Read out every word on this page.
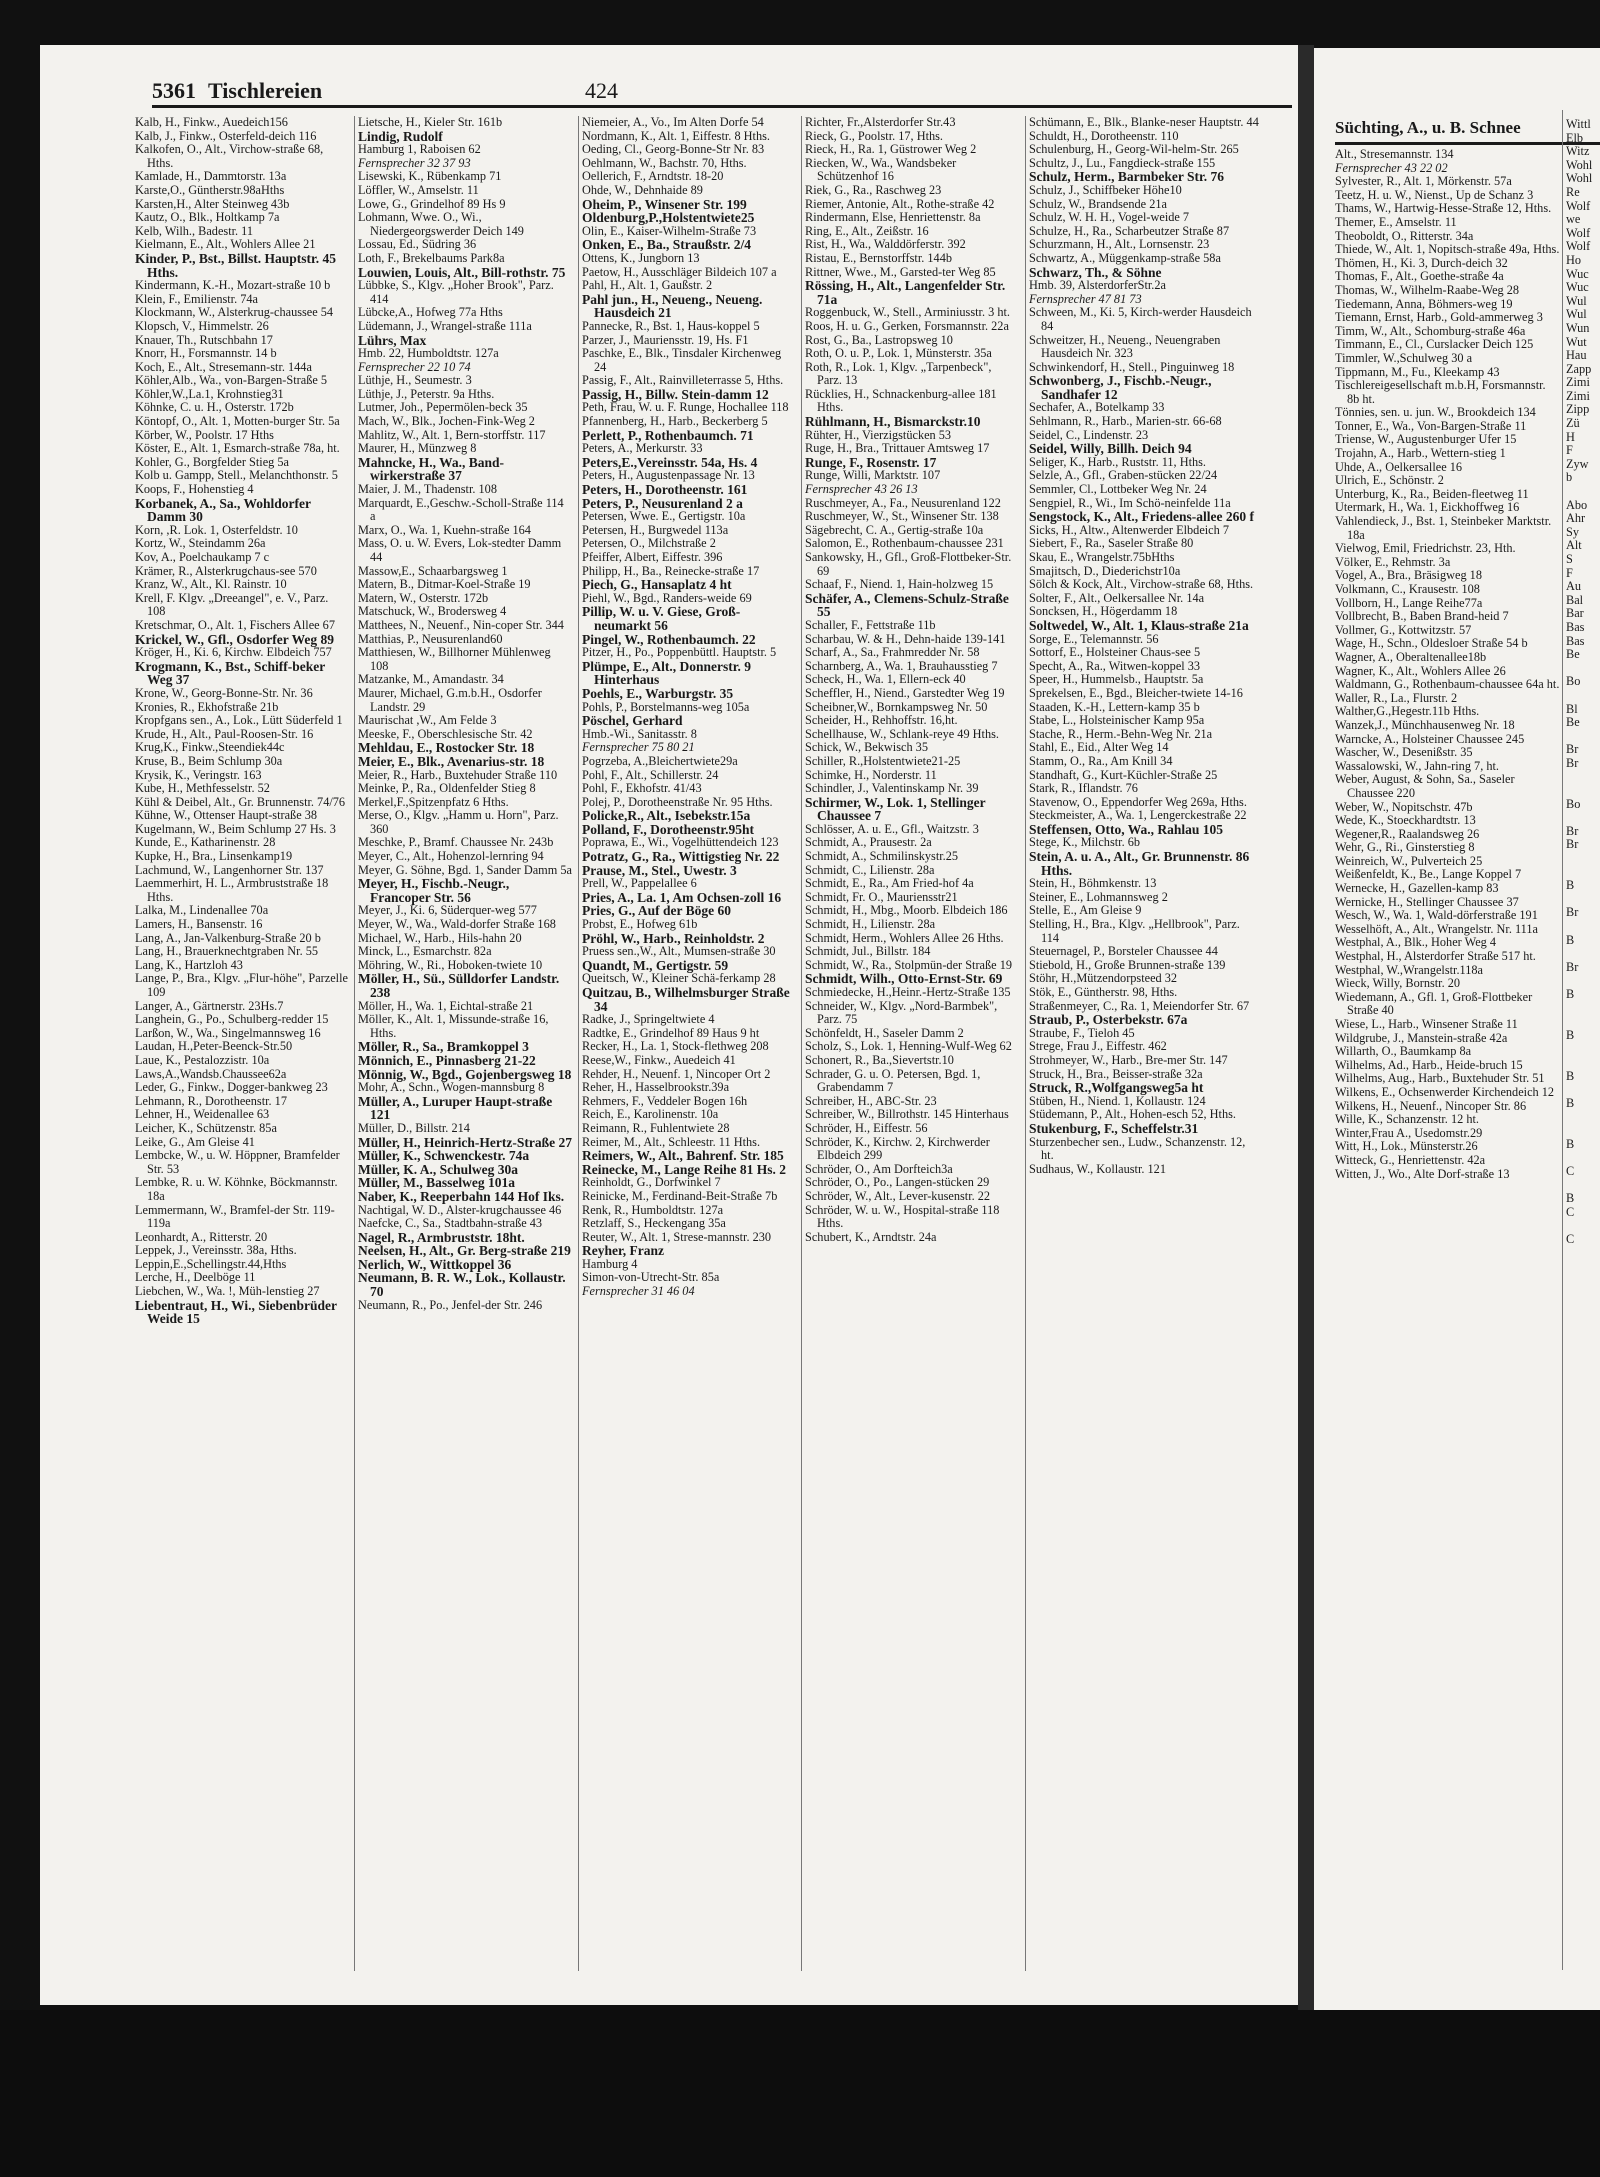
5361 Tischlereien	424

Kalb, H., Finkw., Auedeich156

Kalb, J., Finkw., Osterfeld-deich 116

Kalkofen, O., Alt., Virchow-straße 68, Hths.

Kamlade, H., Dammtorstr. 13a

Karste,O., Güntherstr.98aHths

Karsten,H., Alter Steinweg 43b

Kautz, O., Blk., Holtkamp 7a

Kelb, Wilh., Badestr. 11

Kielmann, E., Alt., Wohlers Allee 21

Kinder, P., Bst., Billst. Hauptstr. 45 Hths.

Kindermann, K.-H., Mozart-straße 10 b

Klein, F., Emilienstr. 74a

Klockmann, W., Alsterkrug-chaussee 54

Klopsch, V., Himmelstr. 26

Knauer, Th., Rutschbahn 17

Knorr, H., Forsmannstr. 14 b

Koch, E., Alt., Stresemann-str. 144a

Köhler,Alb., Wa., von-Bargen-Straße 5

Köhler,W.,La.1, Krohnstieg31

Köhnke, C. u. H., Osterstr. 172b

Köntopf, O., Alt. 1, Motten-burger Str. 5a

Körber, W., Poolstr. 17 Hths

Köster, E., Alt. 1, Esmarch-straße 78a, ht.

Kohler, G., Borgfelder Stieg 5a

Kolb u. Gampp, Stell., Melanchthonstr. 5

Koops, F., Hohenstieg 4

Korbanek, A., Sa., Wohldorfer Damm 30

Korn, ,R. Lok. 1, Osterfeldstr. 10

Kortz, W., Steindamm 26a

Kov, A., Poelchaukamp 7 c

Krämer, R., Alsterkrugchaus-see 570

Kranz, W., Alt., Kl. Rainstr. 10

Krell, F. Klgv. „Dreeangel", e. V., Parz. 108

Kretschmar, O., Alt. 1, Fischers Allee 67

Krickel, W., Gfl., Osdorfer Weg 89

Kröger, H., Ki. 6, Kirchw. Elbdeich 757

Krogmann, K., Bst., Schiff-beker Weg 37

Krone, W., Georg-Bonne-Str. Nr. 36

Kronies, R., Ekhofstraße 21b

Kropfgans sen., A., Lok., Lütt Süderfeld 1

Krude, H., Alt., Paul-Roosen-Str. 16

Krug,K., Finkw.,Steendiek44c

Kruse, B., Beim Schlump 30a

Krysik, K., Veringstr. 163

Kube, H., Methfesselstr. 52

Kühl & Deibel, Alt., Gr. Brunnenstr. 74/76

Kühne, W., Ottenser Haupt-straße 38

Kugelmann, W., Beim Schlump 27 Hs. 3

Kunde, E., Katharinenstr. 28

Kupke, H., Bra., Linsenkamp19

Lachmund, W., Langenhorner Str. 137

Laemmerhirt, H. L., Armbruststraße 18 Hths.

Lalka, M., Lindenallee 70a

Lamers, H., Bansenstr. 16

Lang, A., Jan-Valkenburg-Straße 20 b

Lang, H., Brauerknechtgraben Nr. 55

Lang, K., Hartzloh 43

Lange, P., Bra., Klgv. „Flur-höhe", Parzelle 109

Langer, A., Gärtnerstr. 23Hs.7

Langhein, G., Po., Schulberg-redder 15

Larßon, W., Wa., Singelmannsweg 16

Laudan, H.,Peter-Beenck-Str.50

Laue, K., Pestalozzistr. 10a

Laws,A.,Wandsb.Chaussee62a

Leder, G., Finkw., Dogger-bankweg 23

Lehmann, R., Dorotheenstr. 17

Lehner, H., Weidenallee 63

Leicher, K., Schützenstr. 85a

Leike, G., Am Gleise 41

Lembcke, W., u. W. Höppner, Bramfelder Str. 53

Lembke, R. u. W. Köhnke, Böckmannstr. 18a

Lemmermann, W., Bramfel-der Str. 119-119a

Leonhardt, A., Ritterstr. 20

Leppek, J., Vereinsstr. 38a, Hths.

Leppin,E.,Schellingstr.44,Hths

Lerche, H., Deelböge 11

Liebchen, W., Wa. !, Müh-lenstieg 27

Liebentraut, H., Wi., Siebenbrüder Weide 15

Lietsche, H., Kieler Str. 161b

Lindig, Rudolf

Hamburg 1, Raboisen 62

Fernsprecher 32 37 93

Lisewski, K., Rübenkamp 71

Löffler, W., Amselstr. 11

Lowe, G., Grindelhof 89 Hs 9

Lohmann, Wwe. O., Wi., Niedergeorgswerder Deich 149

Lossau, Ed., Südring 36

Loth, F., Brekelbaums Park8a

Louwien, Louis, Alt., Bill-rothstr. 75

Lübbke, S., Klgv. „Hoher Brook", Parz. 414

Lübcke,A., Hofweg 77a Hths

Lüdemann, J., Wrangel-straße 111a

Lührs, Max

Hmb. 22, Humboldtstr. 127a

Fernsprecher 22 10 74

Lüthje, H., Seumestr. 3

Lüthje, J., Peterstr. 9a Hths.

Lutmer, Joh., Pepermölen-beck 35

Mach, W., Blk., Jochen-Fink-Weg 2

Mahlitz, W., Alt. 1, Bern-storffstr. 117

Maurer, H., Münzweg 8

Mahncke, H., Wa., Band-wirkerstraße 37

Maier, J. M., Thadenstr. 108

Marquardt, E.,Geschw.-Scholl-Straße 114 a

Marx, O., Wa. 1, Kuehn-straße 164

Mass, O. u. W. Evers, Lok-stedter Damm 44

Massow,E., Schaarbargsweg 1

Matern, B., Ditmar-Koel-Straße 19

Matern, W., Osterstr. 172b

Matschuck, W., Brodersweg 4

Matthees, N., Neuenf., Nin-coper Str. 344

Matthias, P., Neusurenland60

Matthiesen, W., Billhorner Mühlenweg 108

Matzanke, M., Amandastr. 34

Maurer, Michael, G.m.b.H., Osdorfer Landstr. 29

Maurischat ,W., Am Felde 3

Meeske, F., Oberschlesische Str. 42

Mehldau, E., Rostocker Str. 18

Meier, E., Blk., Avenarius-str. 18

Meier, R., Harb., Buxtehuder Straße 110

Meinke, P., Ra., Oldenfelder Stieg 8

Merkel,F.,Spitzenpfatz 6 Hths.

Merse, O., Klgv. „Hamm u. Horn", Parz. 360

Meschke, P., Bramf. Chaussee Nr. 243b

Meyer, C., Alt., Hohenzol-lernring 94

Meyer, G. Söhne, Bgd. 1, Sander Damm 5a

Meyer, H., Fischb.-Neugr., Francoper Str. 56

Meyer, J., Ki. 6, Süderquer-weg 577

Meyer, W., Wa., Wald-dorfer Straße 168

Michael, W., Harb., Hils-hahn 20

Minck, L., Esmarchstr. 82a

Möhring, W., Ri., Hoboken-twiete 10

Möller, H., Sü., Sülldorfer Landstr. 238

Möller, H., Wa. 1, Eichtal-straße 21

Möller, K., Alt. 1, Missunde-straße 16, Hths.

Möller, R., Sa., Bramkoppel 3

Mönnich, E., Pinnasberg 21-22

Mönnig, W., Bgd., Gojenbergsweg 18

Mohr, A., Schn., Wogen-mannsburg 8

Müller, A., Luruper Haupt-straße 121

Müller, D., Billstr. 214

Müller, H., Heinrich-Hertz-Straße 27

Müller, K., Schwenckestr. 74a

Müller, K. A., Schulweg 30a

Müller, M., Basselweg 101a

Naber, K., Reeperbahn 144 Hof Iks.

Nachtigal, W. D., Alster-krugchaussee 46

Naefcke, C., Sa., Stadtbahn-straße 43

Nagel, R., Armbruststr. 18ht.

Neelsen, H., Alt., Gr. Berg-straße 219

Nerlich, W., Wittkoppel 36

Neumann, B. R. W., Lok., Kollaustr. 70

Neumann, R., Po., Jenfel-der Str. 246

Niemeier, A., Vo., Im Alten Dorfe 54

Nordmann, K., Alt. 1, Eiffestr. 8 Hths.

Oeding, Cl., Georg-Bonne-Str Nr. 83

Oehlmann, W., Bachstr. 70, Hths.

Oellerich, F., Arndtstr. 18-20

Ohde, W., Dehnhaide 89

Oheim, P., Winsener Str. 199

Oldenburg,P.,Holstentwiete25

Olin, E., Kaiser-Wilhelm-Straße 73

Onken, E., Ba., Straußstr. 2/4

Ottens, K., Jungborn 13

Paetow, H., Ausschläger Bildeich 107 a

Pahl, H., Alt. 1, Gaußstr. 2

Pahl jun., H., Neueng., Neueng. Hausdeich 21

Pannecke, R., Bst. 1, Haus-koppel 5

Parzer, J., Mauriensstr. 19, Hs. F1

Paschke, E., Blk., Tinsdaler Kirchenweg 24

Passig, F., Alt., Rainvilleterrasse 5, Hths.

Passig, H., Billw. Stein-damm 12

Peth, Frau, W. u. F. Runge, Hochallee 118

Pfannenberg, H., Harb., Beckerberg 5

Perlett, P., Rothenbaumch. 71

Peters, A., Merkurstr. 33

Peters,E.,Vereinsstr. 54a, Hs. 4

Peters, H., Augustenpassage Nr. 13

Peters, H., Dorotheenstr. 161

Peters, P., Neusurenland 2 a

Petersen, Wwe. E., Gertigstr. 10a

Petersen, H., Burgwedel 113a

Petersen, O., Milchstraße 2

Pfeiffer, Albert, Eiffestr. 396

Philipp, H., Ba., Reinecke-straße 17

Piech, G., Hansaplatz 4 ht

Piehl, W., Bgd., Randers-weide 69

Pillip, W. u. V. Giese, Groß-neumarkt 56

Pingel, W., Rothenbaumch. 22

Pitzer, H., Po., Poppenbüttl. Hauptstr. 5

Plümpe, E., Alt., Donnerstr. 9 Hinterhaus

Poehls, E., Warburgstr. 35

Pohls, P., Borstelmanns-weg 105a

Pöschel, Gerhard

Hmb.-Wi., Sanitasstr. 8

Fernsprecher 75 80 21

Pogrzeba, A.,Bleichertwiete29a

Pohl, F., Alt., Schillerstr. 24

Pohl, F., Ekhofstr. 41/43

Polej, P., Dorotheenstraße Nr. 95 Hths.

Policke,R., Alt., Isebekstr.15a

Polland, F., Dorotheenstr.95ht

Poprawa, E., Wi., Vogelhüttendeich 123

Potratz, G., Ra., Wittigstieg Nr. 22

Prause, M., Stel., Uwestr. 3

Prell, W., Pappelallee 6

Pries, A., La. 1, Am Ochsen-zoll 16

Pries, G., Auf der Böge 60

Probst, E., Hofweg 61b

Pröhl, W., Harb., Reinholdstr. 2

Pruess sen.,W., Alt., Mumsen-straße 30

Quandt, M., Gertigstr. 59

Queitsch, W., Kleiner Schä-ferkamp 28

Quitzau, B., Wilhelmsburger Straße 34

Radke, J., Springeltwiete 4

Radtke, E., Grindelhof 89 Haus 9 ht

Recker, H., La. 1, Stock-flethweg 208

Reese,W., Finkw., Auedeich 41

Rehder, H., Neuenf. 1, Nincoper Ort 2

Reher, H., Hasselbrookstr.39a

Rehmers, F., Veddeler Bogen 16h

Reich, E., Karolinenstr. 10a

Reimann, R., Fuhlentwiete 28

Reimer, M., Alt., Schleestr. 11 Hths.

Reimers, W., Alt., Bahrenf. Str. 185

Reinecke, M., Lange Reihe 81 Hs. 2

Reinholdt, G., Dorfwinkel 7

Reinicke, M., Ferdinand-Beit-Straße 7b

Renk, R., Humboldtstr. 127a

Retzlaff, S., Heckengang 35a

Reuter, W., Alt. 1, Strese-mannstr. 230

Reyher, Franz

Hamburg 4

Simon-von-Utrecht-Str. 85a

Fernsprecher 31 46 04

Richter, Fr.,Alsterdorfer Str.43

Rieck, G., Poolstr. 17, Hths.

Rieck, H., Ra. 1, Güstrower Weg 2

Riecken, W., Wa., Wandsbeker Schützenhof 16

Riek, G., Ra., Raschweg 23

Riemer, Antonie, Alt., Rothe-straße 42

Rindermann, Else, Henriettenstr. 8a

Ring, E., Alt., Zeißstr. 16

Rist, H., Wa., Walddörferstr. 392

Ristau, E., Bernstorffstr. 144b

Rittner, Wwe., M., Garsted-ter Weg 85

Rössing, H., Alt., Langenfelder Str. 71a

Roggenbuck, W., Stell., Arminiusstr. 3 ht.

Roos, H. u. G., Gerken, Forsmannstr. 22a

Rost, G., Ba., Lastropsweg 10

Roth, O. u. P., Lok. 1, Münsterstr. 35a

Roth, R., Lok. 1, Klgv. „Tarpenbeck", Parz. 13

Rücklies, H., Schnackenburg-allee 181 Hths.

Rühlmann, H., Bismarckstr.10

Rühter, H., Vierzigstücken 53

Ruge, H., Bra., Trittauer Amtsweg 17

Runge, F., Rosenstr. 17

Runge, Willi, Marktstr. 107

Fernsprecher 43 26 13

Ruschmeyer, A., Fa., Neusurenland 122

Ruschmeyer, W., St., Winsener Str. 138

Sägebrecht, C. A., Gertig-straße 10a

Salomon, E., Rothenbaum-chaussee 231

Sankowsky, H., Gfl., Groß-Flottbeker-Str. 69

Schaaf, F., Niend. 1, Hain-holzweg 15

Schäfer, A., Clemens-Schulz-Straße 55

Schaller, F., Fettstraße 11b

Scharbau, W. & H., Dehn-haide 139-141

Scharf, A., Sa., Frahmredder Nr. 58

Scharnberg, A., Wa. 1, Brauhausstieg 7

Scheck, H., Wa. 1, Ellern-eck 40

Scheffler, H., Niend., Garstedter Weg 19

Scheibner,W., Bornkampsweg Nr. 50

Scheider, H., Rehhoffstr. 16,ht.

Schellhause, W., Schlank-reye 49 Hths.

Schick, W., Bekwisch 35

Schiller, R.,Holstentwiete21-25

Schimke, H., Norderstr. 11

Schindler, J., Valentinskamp Nr. 39

Schirmer, W., Lok. 1, Stellinger Chaussee 7

Schlösser, A. u. E., Gfl., Waitzstr. 3

Schmidt, A., Prausestr. 2a

Schmidt, A., Schmilinskystr.25

Schmidt, C., Lilienstr. 28a

Schmidt, E., Ra., Am Fried-hof 4a

Schmidt, Fr. O., Mauriensstr21

Schmidt, H., Mbg., Moorb. Elbdeich 186

Schmidt, H., Lilienstr. 28a

Schmidt, Herm., Wohlers Allee 26 Hths.

Schmidt, Jul., Billstr. 184

Schmidt, W., Ra., Stolpmün-der Straße 19

Schmidt, Wilh., Otto-Ernst-Str. 69

Schmiedecke, H.,Heinr.-Hertz-Straße 135

Schneider, W., Klgv. „Nord-Barmbek", Parz. 75

Schönfeldt, H., Saseler Damm 2

Scholz, S., Lok. 1, Henning-Wulf-Weg 62

Schonert, R., Ba.,Sievertstr.10

Schrader, G. u. O. Petersen, Bgd. 1, Grabendamm 7

Schreiber, H., ABC-Str. 23

Schreiber, W., Billrothstr. 145 Hinterhaus

Schröder, H., Eiffestr. 56

Schröder, K., Kirchw. 2, Kirchwerder Elbdeich 299

Schröder, O., Am Dorfteich3a

Schröder, O., Po., Langen-stücken 29

Schröder, W., Alt., Lever-kusenstr. 22

Schröder, W. u. W., Hospital-straße 118 Hths.

Schubert, K., Arndtstr. 24a

Schümann, E., Blk., Blanke-neser Hauptstr. 44

Schuldt, H., Dorotheenstr. 110

Schulenburg, H., Georg-Wil-helm-Str. 265

Schultz, J., Lu., Fangdieck-straße 155

Schulz, Herm., Barmbeker Str. 76

Schulz, J., Schiffbeker Höhe10

Schulz, W., Brandsende 21a

Schulz, W. H. H., Vogel-weide 7

Schulze, H., Ra., Scharbeutzer Straße 87

Schurzmann, H., Alt., Lornsenstr. 23

Schwartz, A., Müggenkamp-straße 58a

Schwarz, Th., & Söhne

Hmb. 39, AlsterdorferStr.2a

Fernsprecher 47 81 73

Schween, M., Ki. 5, Kirch-werder Hausdeich 84

Schweitzer, H., Neueng., Neuengraben Hausdeich Nr. 323

Schwinkendorf, H., Stell., Pinguinweg 18

Schwonberg, J., Fischb.-Neugr., Sandhafer 12

Sechafer, A., Botelkamp 33

Sehlmann, R., Harb., Marien-str. 66-68

Seidel, C., Lindenstr. 23

Seidel, Willy, Billh. Deich 94

Seliger, K., Harb., Ruststr. 11, Hths.

Selzle, A., Gfl., Graben-stücken 22/24

Semmler, Cl., Lottbeker Weg Nr. 24

Sengpiel, R., Wi., Im Schö-neinfelde 11a

Sengstock, K., Alt., Friedens-allee 260 f

Sicks, H., Altw., Altenwerder Elbdeich 7

Siebert, F., Ra., Saseler Straße 80

Skau, E., Wrangelstr.75bHths

Smajitsch, D., Diederichstr10a

Sölch & Kock, Alt., Virchow-straße 68, Hths.

Solter, F., Alt., Oelkersallee Nr. 14a

Soncksen, H., Högerdamm 18

Soltwedel, W., Alt. 1, Klaus-straße 21a

Sorge, E., Telemannstr. 56

Sottorf, E., Holsteiner Chaus-see 5

Specht, A., Ra., Witwen-koppel 33

Speer, H., Hummelsb., Hauptstr. 5a

Sprekelsen, E., Bgd., Bleicher-twiete 14-16

Staaden, K.-H., Lettern-kamp 35 b

Stabe, L., Holsteinischer Kamp 95a

Stache, R., Herm.-Behn-Weg Nr. 21a

Stahl, E., Eid., Alter Weg 14

Stamm, O., Ra., Am Knill 34

Standhaft, G., Kurt-Küchler-Straße 25

Stark, R., Iflandstr. 76

Stavenow, O., Eppendorfer Weg 269a, Hths.

Steckmeister, A., Wa. 1, Lengerckestraße 22

Steffensen, Otto, Wa., Rahlau 105

Stege, K., Milchstr. 6b

Stein, A. u. A., Alt., Gr. Brunnenstr. 86 Hths.

Stein, H., Böhmkenstr. 13

Steiner, E., Lohmannsweg 2

Stelle, E., Am Gleise 9

Stelling, H., Bra., Klgv. „Hellbrook", Parz. 114

Steuernagel, P., Borsteler Chaussee 44

Stiebold, H., Große Brunnen-straße 139

Stöhr, H.,Mützendorpsteed 32

Stök, E., Güntherstr. 98, Hths.

Straßenmeyer, C., Ra. 1, Meiendorfer Str. 67

Straub, P., Osterbekstr. 67a

Straube, F., Tieloh 45

Strege, Frau J., Eiffestr. 462

Strohmeyer, W., Harb., Bre-mer Str. 147

Struck, H., Bra., Beisser-straße 32a

Struck, R.,Wolfgangsweg5a ht

Stüben, H., Niend. 1, Kollaustr. 124

Stüdemann, P., Alt., Hohen-esch 52, Hths.

Stukenburg, F., Scheffelstr.31

Sturzenbecher sen., Ludw., Schanzenstr. 12, ht.

Sudhaus, W., Kollaustr. 121

Süchting, A., u. B. Schnee

Alt., Stresemannstr. 134

Fernsprecher 43 22 02

Sylvester, R., Alt. 1, Mörkenstr. 57a

Teetz, H. u. W., Nienst., Up de Schanz 3

Thams, W., Hartwig-Hesse-Straße 12, Hths.

Themer, E., Amselstr. 11

Theoboldt, O., Ritterstr. 34a

Thiede, W., Alt. 1, Nopitsch-straße 49a, Hths.

Thömen, H., Ki. 3, Durch-deich 32

Thomas, F., Alt., Goethe-straße 4a

Thomas, W., Wilhelm-Raabe-Weg 28

Tiedemann, Anna, Böhmers-weg 19

Tiemann, Ernst, Harb., Gold-ammerweg 3

Timm, W., Alt., Schomburg-straße 46a

Timmann, E., Cl., Curslacker Deich 125

Timmler, W.,Schulweg 30 a

Tippmann, M., Fu., Kleekamp 43

Tischlereigesellschaft m.b.H, Forsmannstr. 8b ht.

Tönnies, sen. u. jun. W., Brookdeich 134

Tonner, E., Wa., Von-Bargen-Straße 11

Triense, W., Augustenburger Ufer 15

Trojahn, A., Harb., Wettern-stieg 1

Uhde, A., Oelkersallee 16

Ulrich, E., Schönstr. 2

Unterburg, K., Ra., Beiden-fleetweg 11

Utermark, H., Wa. 1, Eickhoffweg 16

Vahlendieck, J., Bst. 1, Steinbeker Marktstr. 18a

Vielwog, Emil, Friedrichstr. 23, Hth.

Völker, E., Rehmstr. 3a

Vogel, A., Bra., Bräsigweg 18

Volkmann, C., Krausestr. 108

Vollborn, H., Lange Reihe77a

Vollbrecht, B., Baben Brand-heid 7

Vollmer, G., Kottwitzstr. 57

Wage, H., Schn., Oldesloer Straße 54 b

Wagner, A., Oberaltenallee18b

Wagner, K., Alt., Wohlers Allee 26

Waldmann, G., Rothenbaum-chaussee 64a ht.

Waller, R., La., Flurstr. 2

Walther,G.,Hegestr.11b Hths.

Wanzek,J., Münchhausenweg Nr. 18

Warncke, A., Holsteiner Chaussee 245

Wascher, W., Desenißstr. 35

Wassalowski, W., Jahn-ring 7, ht.

Weber, August, & Sohn, Sa., Saseler Chaussee 220

Weber, W., Nopitschstr. 47b

Wede, K., Stoeckhardtstr. 13

Wegener,R., Raalandsweg 26

Wehr, G., Ri., Ginsterstieg 8

Weinreich, W., Pulverteich 25

Weißenfeldt, K., Be., Lange Koppel 7

Wernecke, H., Gazellen-kamp 83

Wernicke, H., Stellinger Chaussee 37

Wesch, W., Wa. 1, Wald-dörferstraße 191

Wesselhöft, A., Alt., Wrangelstr. Nr. 111a

Westphal, A., Blk., Hoher Weg 4

Westphal, H., Alsterdorfer Straße 517 ht.

Westphal, W.,Wrangelstr.118a

Wieck, Willy, Bornstr. 20

Wiedemann, A., Gfl. 1, Groß-Flottbeker Straße 40

Wiese, L., Harb., Winsener Straße 11

Wildgrube, J., Manstein-straße 42a

Willarth, O., Baumkamp 8a

Wilhelms, Ad., Harb., Heide-bruch 15

Wilhelms, Aug., Harb., Buxtehuder Str. 51

Wilkens, E., Ochsenwerder Kirchendeich 12

Wilkens, H., Neuenf., Nincoper Str. 86

Wille, K., Schanzenstr. 12 ht.

Winter,Frau A., Usedomstr.29

Witt, H., Lok., Münsterstr.26

Witteck, G., Henriettenstr. 42a

Witten, J., Wo., Alte Dorf-straße 13

Wittl
Elb
Witz
Wohl
Wohl
Re
Wolf
we
Wolf
Wolf
Ho
Wuc
Wuc
Wul
Wul
Wun
Wut
Hau
Zapp
Zimi
Zimi
Zipp
Zü
H
F
Zyw
b

Abo
Ahr
Sy
Alt
S
F
Au
Bal
Bar
Bas
Bas
Be

Bo

Bl
Be

Br
Br

Bo

Br
Br

B

Br

B

Br

B

B

B

B

B

C

B
C

C
